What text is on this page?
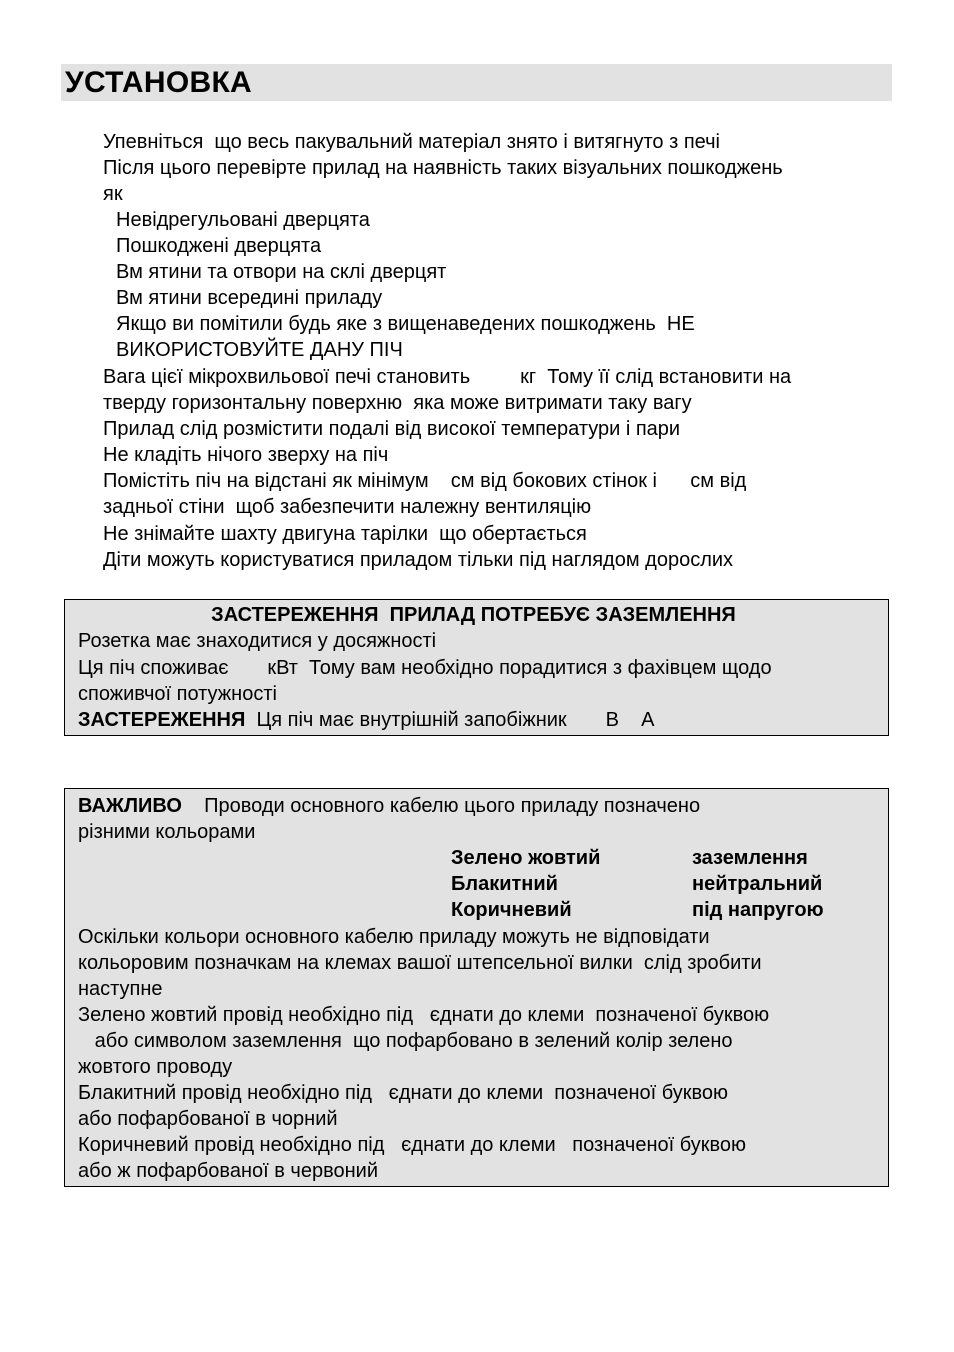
УСТАНОВКА
Упевніться  що весь пакувальний матеріал знято і витягнуто з печі
Після цього перевірте прилад на наявність таких візуальних пошкоджень
як
Невідрегульовані дверцята
Пошкоджені дверцята
Вм ятини та отвори на склі дверцят
Вм ятини всередині приладу
Якщо ви помітили будь яке з вищенаведених пошкоджень  НЕ
ВИКОРИСТОВУЙТЕ ДАНУ ПІЧ
Вага цієї мікрохвильової печі становить         кг  Тому її слід встановити на
тверду горизонтальну поверхню  яка може витримати таку вагу
Прилад слід розмістити подалі від високої температури і пари
Не кладіть нічого зверху на піч
Помістіть піч на відстані як мінімум    см від бокових стінок і      см від
задньої стіни  щоб забезпечити належну вентиляцію
Не знімайте шахту двигуна тарілки  що обертається
Діти можуть користуватися приладом тільки під наглядом дорослих
ЗАСТЕРЕЖЕННЯ  ПРИЛАД ПОТРЕБУЄ ЗАЗЕМЛЕННЯ
Розетка має знаходитися у досяжності
Ця піч споживає       кВт  Тому вам необхідно порадитися з фахівцем щодо
споживчої потужності
ЗАСТЕРЕЖЕННЯ  Ця піч має внутрішній запобіжник       В    А
ВАЖЛИВО    Проводи основного кабелю цього приладу позначено
різними кольорами
Зелено жовтий	заземлення
Блакитний	нейтральний
Коричневий	під напругою
Оскільки кольори основного кабелю приладу можуть не відповідати
кольоровим позначкам на клемах вашої штепсельної вилки  слід зробити
наступне
Зелено жовтий провід необхідно під   єднати до клеми  позначеної буквою
або символом заземлення  що пофарбовано в зелений колір зелено
жовтого проводу
Блакитний провід необхідно під   єднати до клеми  позначеної буквою
або пофарбованої в чорний
Коричневий провід необхідно під   єднати до клеми   позначеної буквою
або ж пофарбованої в червоний
